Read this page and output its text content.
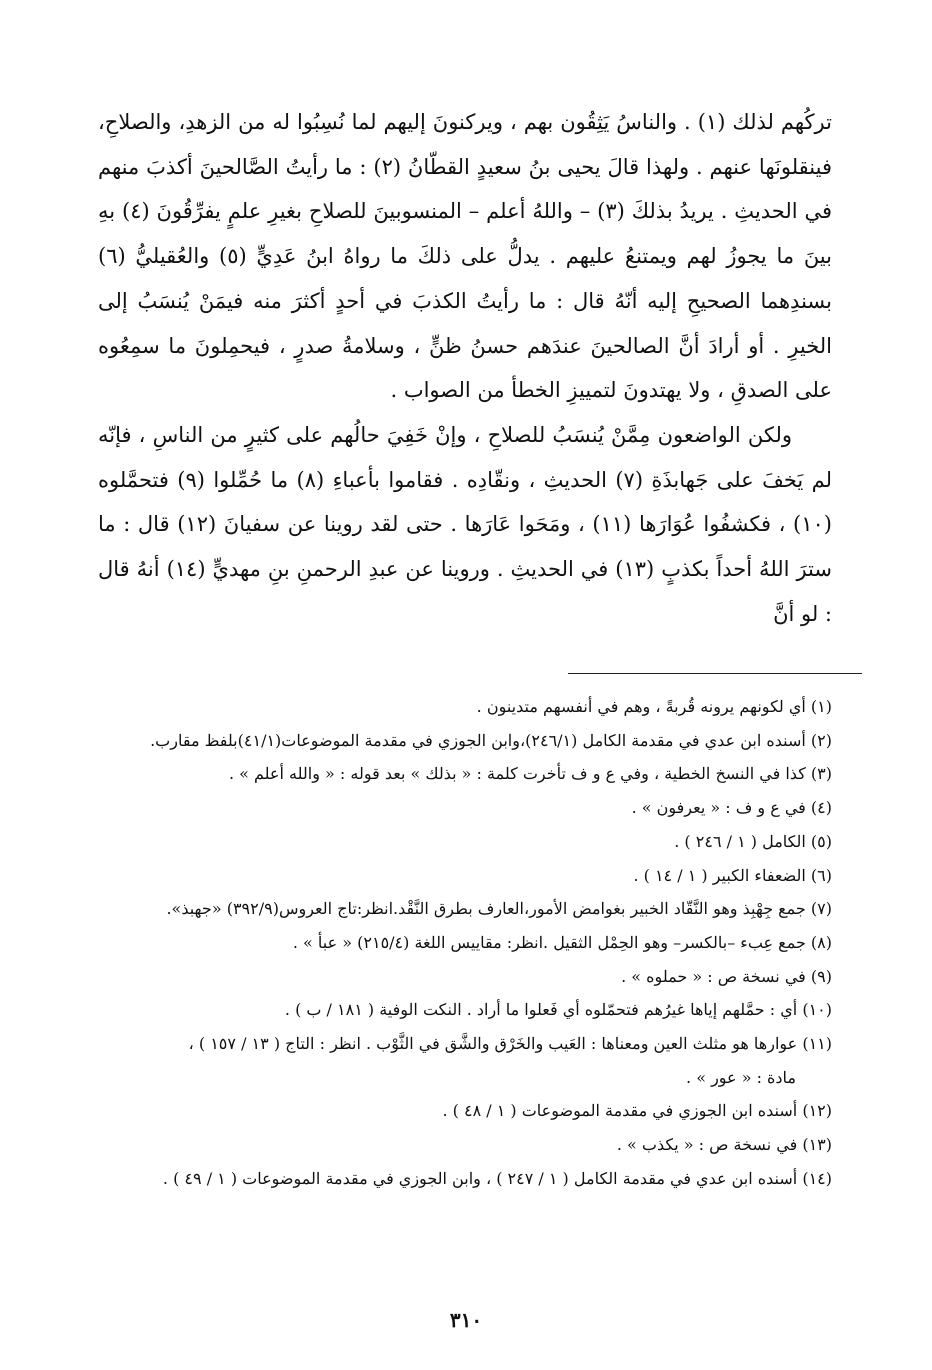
تركُهم لذلك (١) . والناسُ يَثِقُون بهم ، ويركنونَ إليهم لما نُسِبُوا له من الزهدِ، والصلاحِ، فينقلونَها عنهم . ولهذا قالَ يحيى بنُ سعيدٍ القطّانُ (٢) : ما رأيتُ الصَّالحينَ أكذبَ منهم في الحديثِ . يريدُ بذلكَ (٣) – واللهُ أعلم – المنسوبينَ للصلاحِ بغيرِ علمٍ يفرِّقُونَ (٤) بهِ بينَ ما يجوزُ لهم ويمتنعُ عليهم . يدلُّ على ذلكَ ما رواهُ ابنُ عَدِيٍّ (٥) والعُقيليُّ (٦) بسندِهما الصحيحِ إليه أنّهُ قال : ما رأيتُ الكذبَ في أحدٍ أكثرَ منه فيمَنْ يُنسَبُ إلى الخيرِ . أو أرادَ أنَّ الصالحينَ عندَهم حسنُ ظنٍّ ، وسلامةُ صدرٍ ، فيحمِلونَ ما سمِعُوه على الصدقِ ، ولا يهتدونَ لتمييزِ الخطأ من الصواب .

ولكن الواضعون مِمَّنْ يُنسَبُ للصلاحِ ، وإنْ خَفِيَ حالُهم على كثيرٍ من الناسِ ، فإنّه لم يَخفَ على جَهابذَةِ (٧) الحديثِ ، ونقّادِه . فقاموا بأعباءِ (٨) ما حُمِّلوا (٩) فتحمَّلوه (١٠) ، فكشفُوا عُوَارَها (١١) ، ومَحَوا عَارَها . حتى لقد روينا عن سفيانَ (١٢) قال : ما سترَ اللهُ أحداً بكذبٍ (١٣) في الحديثِ . وروينا عن عبدِ الرحمنِ بنِ مهديٍّ (١٤) أنهُ قال : لو أنَّ

(١) أي لكونهم يرونه قُربةً ، وهم في أنفسهم متدينون .
(٢) أسنده ابن عدي في مقدمة الكامل (٢٤٦/١)،وابن الجوزي في مقدمة الموضوعات(٤١/١)بلفظ مقارب.
(٣) كذا في النسخ الخطية ، وفي ع و ف تأخرت كلمة : « بذلك » بعد قوله : « والله أعلم » .
(٤) في ع و ف : « يعرفون » .
(٥) الكامل ( ١ / ٢٤٦ ) .
(٦) الضعفاء الكبير ( ١ / ١٤ ) .
(٧) جمع جِهْبِذ وهو النَّقّاد الخبير بغوامض الأمور،العارف بطرق النَّقْد.انظر:تاج العروس(٣٩٢/٩) «جهبذ».
(٨) جمع عِبء –بالكسر– وهو الحِمْل الثقيل .انظر: مقاييس اللغة (٢١٥/٤) « عبأ » .
(٩) في نسخة ص : « حملوه » .
(١٠) أي : حمَّلهم إياها غيرُهم فتحمّلوه أي فَعلوا ما أراد . النكت الوفية ( ١٨١ / ب ) .
(١١) عوارها هو مثلث العين ومعناها : العَيب والخَرْق والشَّق في الثَّوْب . انظر : التاج ( ١٣ / ١٥٧ ) ،
مادة : « عور » .
(١٢) أسنده ابن الجوزي في مقدمة الموضوعات ( ١ / ٤٨ ) .
(١٣) في نسخة ص : « يكذب » .
(١٤) أسنده ابن عدي في مقدمة الكامل ( ١ / ٢٤٧ ) ، وابن الجوزي في مقدمة الموضوعات ( ١ / ٤٩ ) .
٣١٠
